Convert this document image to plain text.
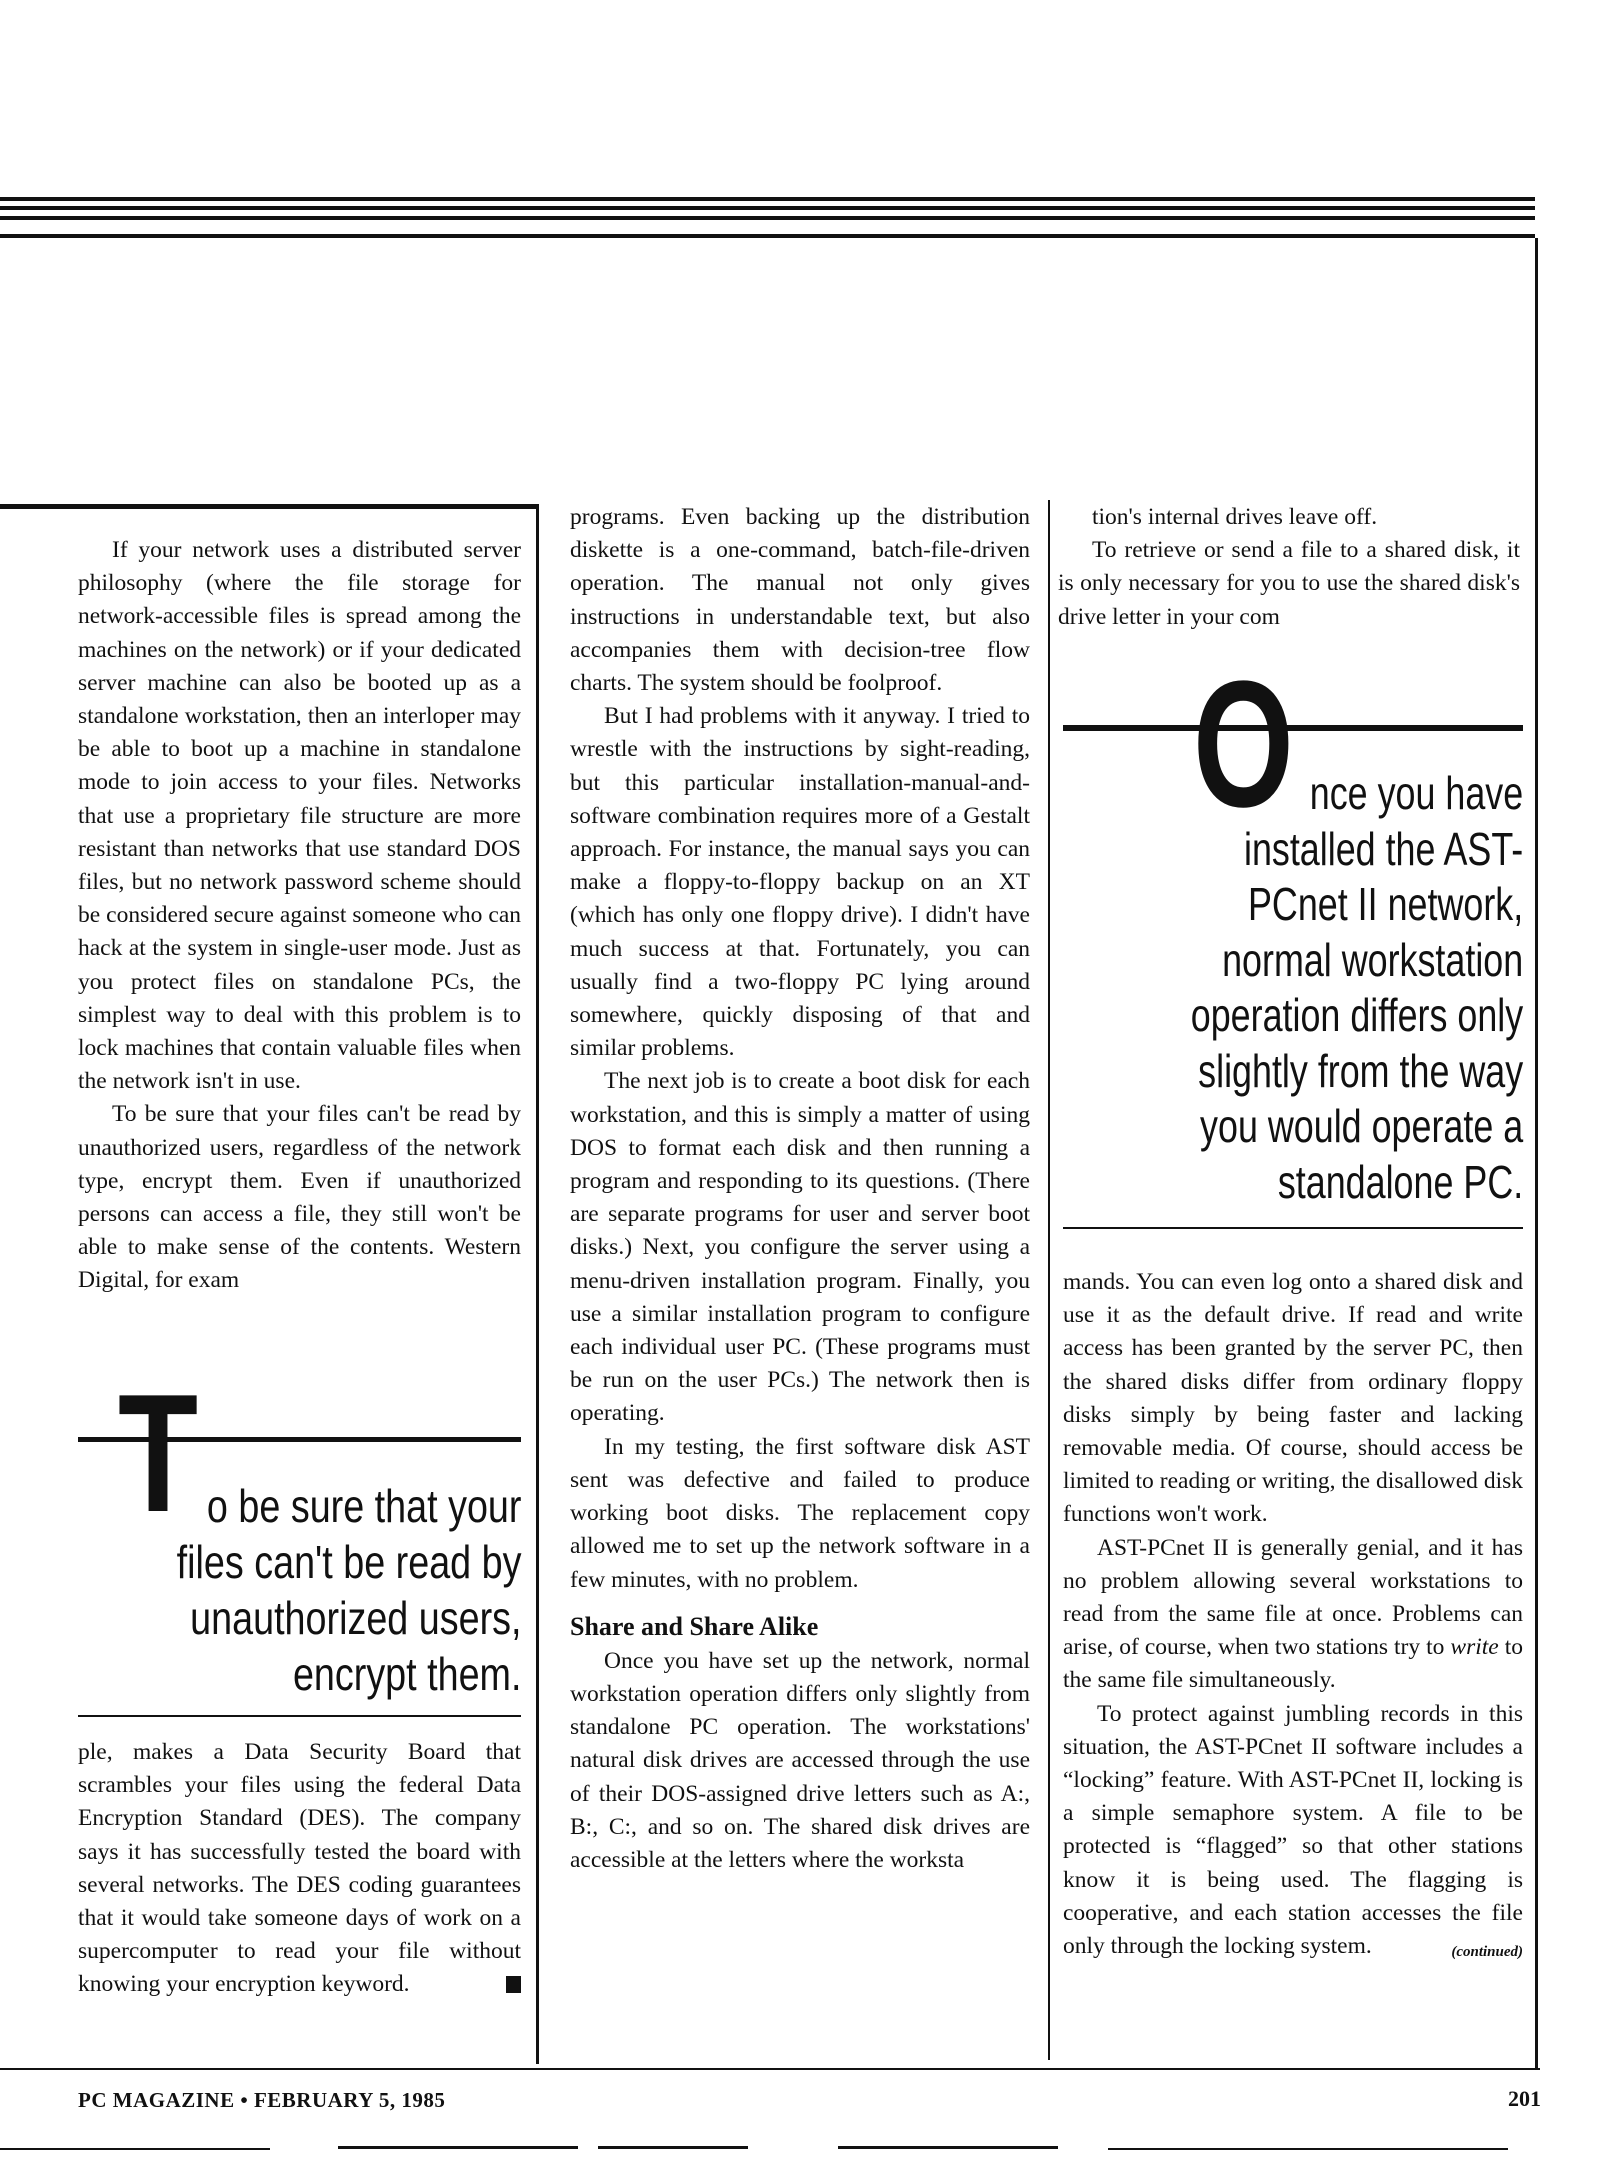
If your network uses a distributed server philosophy (where the file storage for network-accessible files is spread among the machines on the network) or if your dedicated server machine can also be booted up as a standalone workstation, then an interloper may be able to boot up a machine in standalone mode to join access to your files. Networks that use a proprietary file structure are more resistant than networks that use standard DOS files, but no network password scheme should be considered secure against someone who can hack at the system in single-user mode. Just as you protect files on standalone PCs, the simplest way to deal with this problem is to lock machines that contain valuable files when the network isn't in use.

To be sure that your files can't be read by unauthorized users, regardless of the network type, encrypt them. Even if unauthorized persons can access a file, they still won't be able to make sense of the contents. Western Digital, for exam

T o be sure that your
files can't be read by
unauthorized users,
encrypt them.

ple, makes a Data Security Board that scrambles your files using the federal Data Encryption Standard (DES). The company says it has successfully tested the board with several networks. The DES coding guarantees that it would take someone days of work on a supercomputer to read your file without knowing your encryption keyword.

programs. Even backing up the distribution diskette is a one-command, batch-file-driven operation. The manual not only gives instructions in understandable text, but also accompanies them with decision-tree flow charts. The system should be foolproof.

But I had problems with it anyway. I tried to wrestle with the instructions by sight-reading, but this particular installation-manual-and-software combination requires more of a Gestalt approach. For instance, the manual says you can make a floppy-to-floppy backup on an XT (which has only one floppy drive). I didn't have much success at that. Fortunately, you can usually find a two-floppy PC lying around somewhere, quickly disposing of that and similar problems.

The next job is to create a boot disk for each workstation, and this is simply a matter of using DOS to format each disk and then running a program and responding to its questions. (There are separate programs for user and server boot disks.) Next, you configure the server using a menu-driven installation program. Finally, you use a similar installation program to configure each individual user PC. (These programs must be run on the user PCs.) The network then is operating.

In my testing, the first software disk AST sent was defective and failed to produce working boot disks. The replacement copy allowed me to set up the network software in a few minutes, with no problem.

Share and Share Alike

Once you have set up the network, normal workstation operation differs only slightly from standalone PC operation. The workstations' natural disk drives are accessed through the use of their DOS-assigned drive letters such as A:, B:, C:, and so on. The shared disk drives are accessible at the letters where the worksta

tion's internal drives leave off.

To retrieve or send a file to a shared disk, it is only necessary for you to use the shared disk's drive letter in your com

O nce you have
installed the AST-
PCnet II network,
normal workstation
operation differs only
slightly from the way
you would operate a
standalone PC.

mands. You can even log onto a shared disk and use it as the default drive. If read and write access has been granted by the server PC, then the shared disks differ from ordinary floppy disks simply by being faster and lacking removable media. Of course, should access be limited to reading or writing, the disallowed disk functions won't work.

AST-PCnet II is generally genial, and it has no problem allowing several workstations to read from the same file at once. Problems can arise, of course, when two stations try to write to the same file simultaneously.

To protect against jumbling records in this situation, the AST-PCnet II software includes a “locking” feature. With AST-PCnet II, locking is a simple semaphore system. A file to be protected is “flagged” so that other stations know it is being used. The flagging is cooperative, and each station accesses the file only through the locking system.	(continued)

PC MAGAZINE • FEBRUARY 5, 1985	201
